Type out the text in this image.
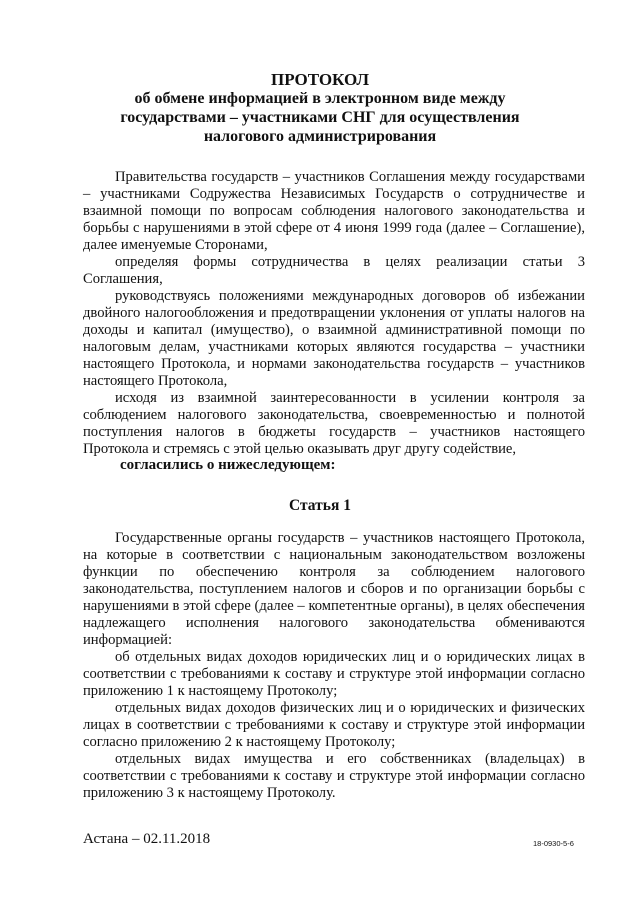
ПРОТОКОЛ
об обмене информацией в электронном виде между
государствами – участниками СНГ для осуществления
налогового администрирования

Правительства государств – участников Соглашения между государствами – участниками Содружества Независимых Государств о сотрудничестве и взаимной помощи по вопросам соблюдения налогового законодательства и борьбы с нарушениями в этой сфере от 4 июня 1999 года (далее – Соглашение), далее именуемые Сторонами,

определяя формы сотрудничества в целях реализации статьи 3 Соглашения,

руководствуясь положениями международных договоров об избежании двойного налогообложения и предотвращении уклонения от уплаты налогов на доходы и капитал (имущество), о взаимной административной помощи по налоговым делам, участниками которых являются государства – участники настоящего Протокола, и нормами законодательства государств – участников настоящего Протокола,

исходя из взаимной заинтересованности в усилении контроля за соблюдением налогового законодательства, своевременностью и полнотой поступления налогов в бюджеты государств – участников настоящего Протокола и стремясь с этой целью оказывать друг другу содействие,

согласились о нижеследующем:
Статья 1

Государственные органы государств – участников настоящего Протокола, на которые в соответствии с национальным законодательством возложены функции по обеспечению контроля за соблюдением налогового законодательства, поступлением налогов и сборов и по организации борьбы с нарушениями в этой сфере (далее – компетентные органы), в целях обеспечения надлежащего исполнения налогового законодательства обмениваются информацией:

об отдельных видах доходов юридических лиц и о юридических лицах в соответствии с требованиями к составу и структуре этой информации согласно приложению 1 к настоящему Протоколу;

отдельных видах доходов физических лиц и о юридических и физических лицах в соответствии с требованиями к составу и структуре этой информации согласно приложению 2 к настоящему Протоколу;

отдельных видах имущества и его собственниках (владельцах) в соответствии с требованиями к составу и структуре этой информации согласно приложению 3 к настоящему Протоколу.

Астана – 02.11.2018	18-0930-5-6
